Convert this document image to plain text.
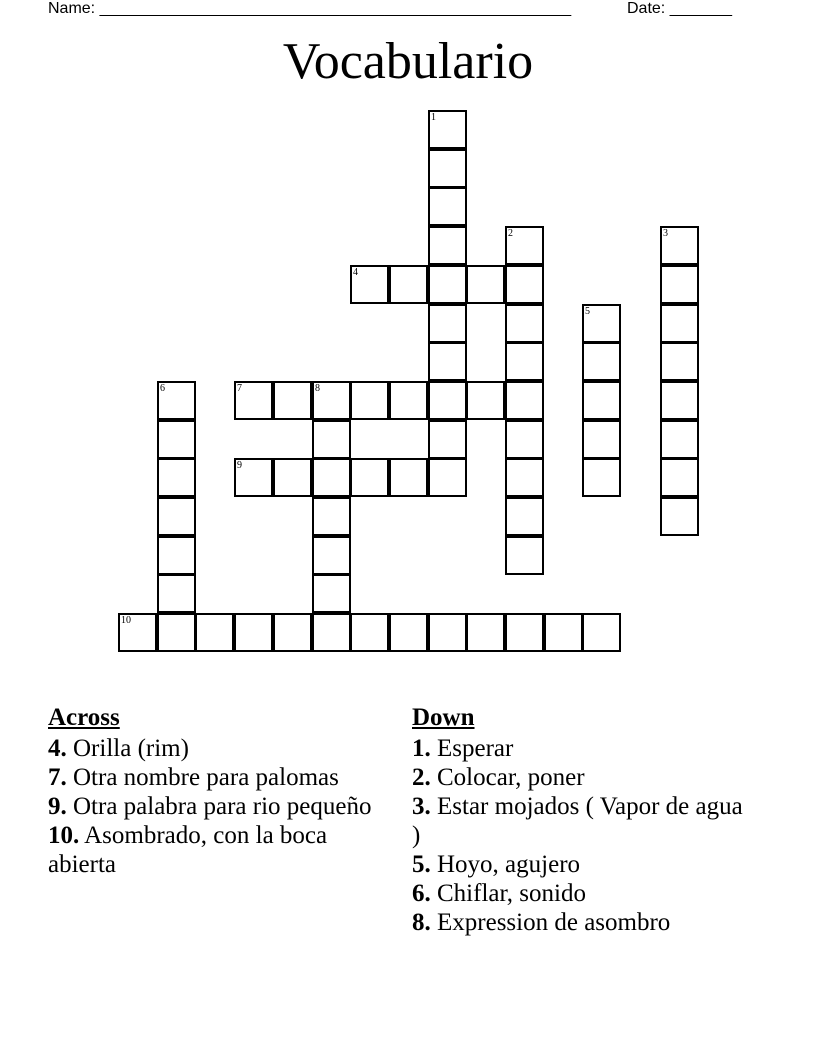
Name: _____________________________________________________	Date: _______
Vocabulario
1
2	3
4
5
6	7	8
9
10
Across
4. Orilla (rim)
7. Otra nombre para palomas
9. Otra palabra para rio pequeño
10. Asombrado, con la boca abierta
Down
1. Esperar
2. Colocar, poner
3. Estar mojados ( Vapor de agua )
5. Hoyo, agujero
6. Chiflar, sonido
8. Expression de asombro
